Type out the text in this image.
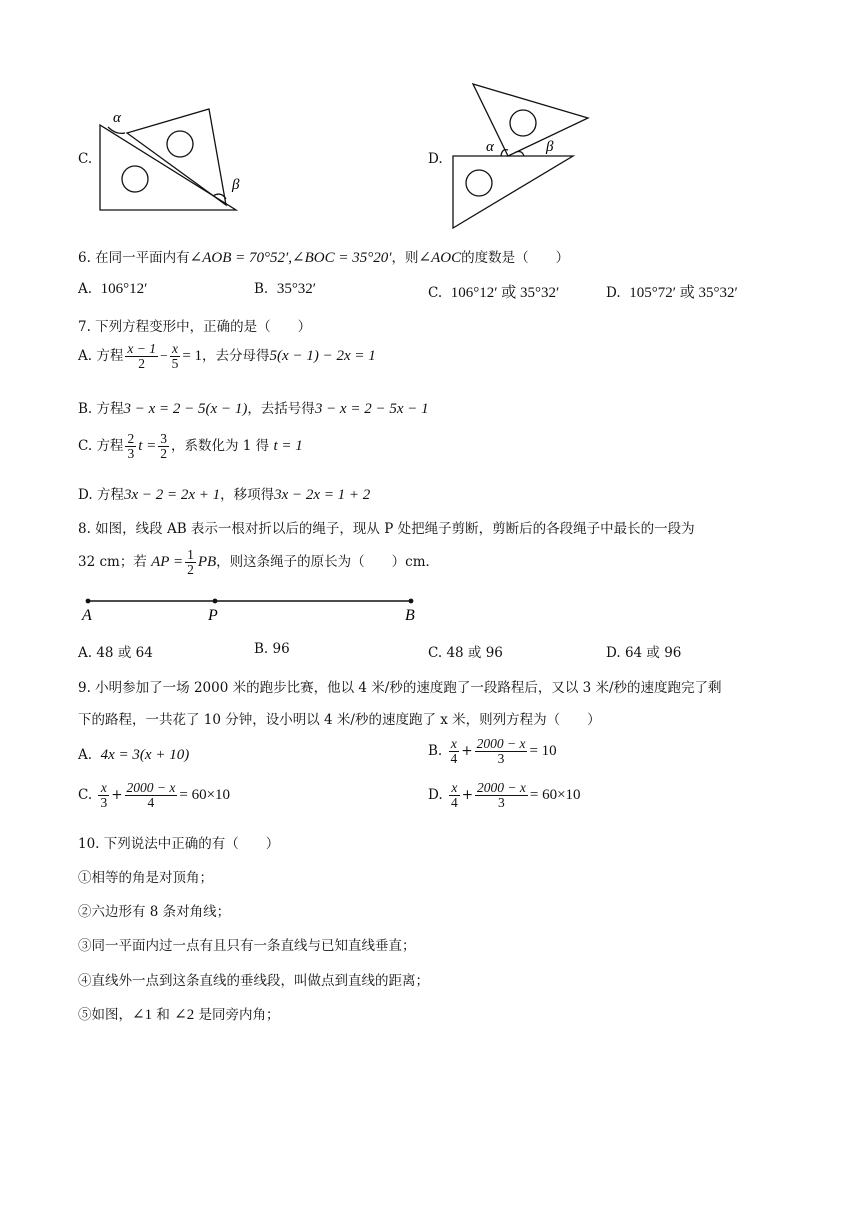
C.
α
β
D.
α	β
6. 在同一平面内有∠AOB = 70°52′,∠BOC = 35°20′，则∠AOC的度数是（　　）
A. 106°12′	B. 35°32′	C. 106°12′ 或 35°32′	D. 105°72′ 或 35°32′
7. 下列方程变形中，正确的是（　　）
A. 方程 $\frac{x - 1}{2} - \frac{x}{5} = 1$，去分母得5(x − 1) − 2x = 1
B. 方程3 − x = 2 − 5(x − 1)，去括号得3 − x = 2 − 5x − 1
C. 方程 $\frac{2}{3}$ $t = \frac{3}{2}$ ，系数化为 1 得 t = 1
D. 方程3x − 2 = 2x + 1，移项得3x − 2x = 1 + 2
8. 如图，线段 AB 表示一根对折以后的绳子，现从 P 处把绳子剪断，剪断后的各段绳子中最长的一段为
32 cm；若 AP = $\frac{1}{2}$ PB，则这条绳子的原长为（　　）cm．
A	P	B
A. 48 或 64	B. 96	C. 48 或 96	D. 64 或 96
9. 小明参加了一场 2000 米的跑步比赛，他以 4 米/秒的速度跑了一段路程后，又以 3 米/秒的速度跑完了剩
下的路程，一共花了 10 分钟，设小明以 4 米/秒的速度跑了 x 米，则列方程为（　　）
A. 4x = 3(x + 10)	B. $\frac{x}{4} + \frac{2000 - x}{3} = 10$
C. $\frac{x}{3} + \frac{2000 - x}{4} = 60\times 10$	D. $\frac{x}{4} + \frac{2000 - x}{3} = 60\times 10$
10. 下列说法中正确的有（　　）
①相等的角是对顶角；
②六边形有 8 条对角线；
③同一平面内过一点有且只有一条直线与已知直线垂直；
④直线外一点到这条直线的垂线段，叫做点到直线的距离；
⑤如图，∠1 和 ∠2 是同旁内角；
